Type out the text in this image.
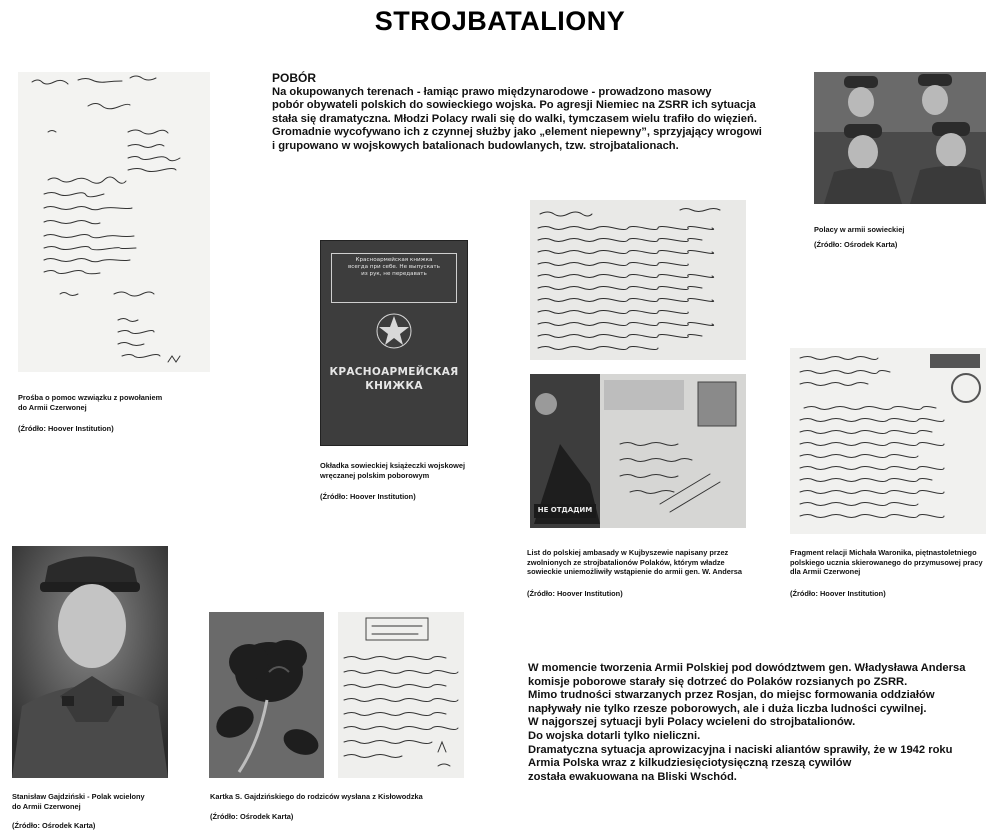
STROJBATALIONY
POBÓR
Na okupowanych terenach - łamiąc prawo międzynarodowe - prowadzono masowy
pobór obywateli polskich do sowieckiego wojska. Po agresji Niemiec na ZSRR ich sytuacja
stała się dramatyczna. Młodzi Polacy rwali się do walki, tymczasem wielu trafiło do więzień.
Gromadnie wycofywano ich z czynnej służby jako „element niepewny”, sprzyjający wrogowi
i grupowano w wojskowych batalionach budowlanych, tzw. strojbatalionach.
Prośba o pomoc wzwiązku z powołaniem
do Armii Czerwonej
(Źródło: Hoover Institution)
Красноармейская книжка
всегда при себе. Не выпускать
из рук, не передавать
КРАСНОАРМЕЙСКАЯ
КНИЖКА
Okładka sowieckiej książeczki wojskowej
wręczanej polskim poborowym
(Źródło: Hoover Institution)
Polacy w armii sowieckiej
(Źródło: Ośrodek Karta)
НЕ ОТДАДИМ
List do polskiej ambasady w Kujbyszewie napisany przez
zwolnionych ze strojbatalionów Polaków, którym władze
sowieckie uniemożliwiły wstąpienie do armii gen. W. Andersa
(Źródło: Hoover Institution)
Fragment relacji Michała Waronika, piętnastoletniego
polskiego ucznia skierowanego do przymusowej pracy
dla Armii Czerwonej
(Źródło: Hoover Institution)
Stanisław Gajdziński - Polak wcielony
do Armii Czerwonej
(Źródło: Ośrodek Karta)
Kartka S. Gajdzińskiego do rodziców wysłana z Kisłowodzka
(Źródło: Ośrodek Karta)
W momencie tworzenia Armii Polskiej pod dowództwem gen. Władysława Andersa
komisje poborowe starały się dotrzeć do Polaków rozsianych po ZSRR.
Mimo trudności stwarzanych przez Rosjan, do miejsc formowania oddziałów
napływały nie tylko rzesze poborowych, ale i duża liczba ludności cywilnej.
W najgorszej sytuacji byli Polacy wcieleni do strojbatalionów.
Do wojska dotarli tylko nieliczni.
Dramatyczna sytuacja aprowizacyjna i naciski aliantów sprawiły, że w 1942 roku
Armia Polska wraz z kilkudziesięciotysięczną rzeszą cywilów
została ewakuowana na Bliski Wschód.
